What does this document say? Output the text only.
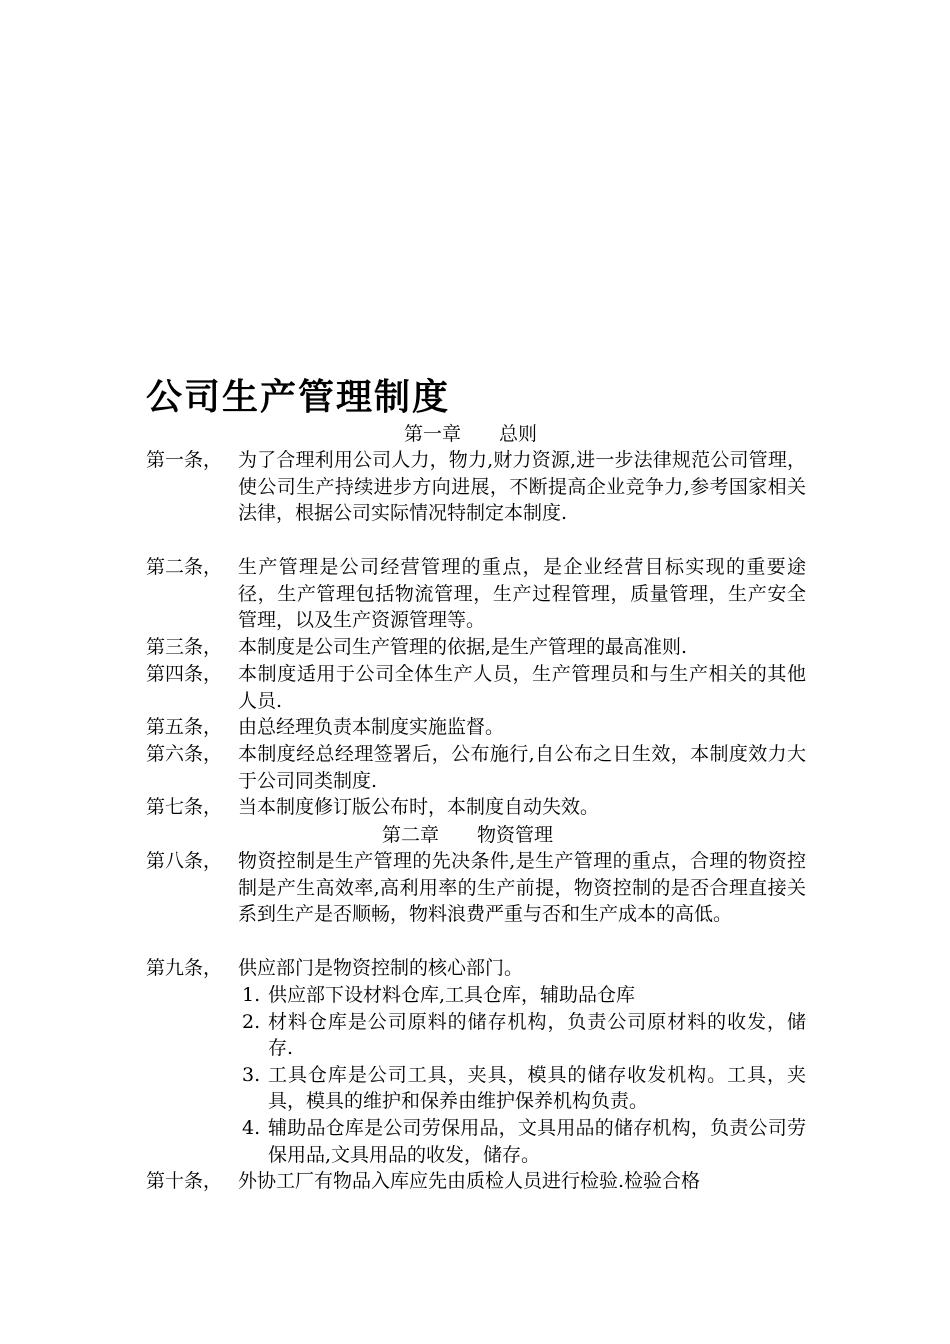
公司生产管理制度
第一章 总则
第一条， 为了合理利用公司人力，物力,财力资源,进一步法律规范公司管理，使公司生产持续进步方向进展，不断提高企业竞争力,参考国家相关法律，根据公司实际情况特制定本制度.
第二条， 生产管理是公司经营管理的重点，是企业经营目标实现的重要途径，生产管理包括物流管理，生产过程管理，质量管理，生产安全管理，以及生产资源管理等。
第三条， 本制度是公司生产管理的依据,是生产管理的最高准则.
第四条， 本制度适用于公司全体生产人员，生产管理员和与生产相关的其他人员.
第五条， 由总经理负责本制度实施监督。
第六条， 本制度经总经理签署后，公布施行,自公布之日生效，本制度效力大于公司同类制度.
第七条， 当本制度修订版公布时，本制度自动失效。
第二章 物资管理
第八条， 物资控制是生产管理的先决条件,是生产管理的重点，合理的物资控制是产生高效率,高利用率的生产前提，物资控制的是否合理直接关系到生产是否顺畅，物料浪费严重与否和生产成本的高低。
第九条， 供应部门是物资控制的核心部门。
1. 供应部下设材料仓库,工具仓库，辅助品仓库
2. 材料仓库是公司原料的储存机构，负责公司原材料的收发，储存.
3. 工具仓库是公司工具，夹具，模具的储存收发机构。工具，夹具，模具的维护和保养由维护保养机构负责。
4. 辅助品仓库是公司劳保用品，文具用品的储存机构，负责公司劳保用品,文具用品的收发，储存。
第十条， 外协工厂有物品入库应先由质检人员进行检验.检验合格
